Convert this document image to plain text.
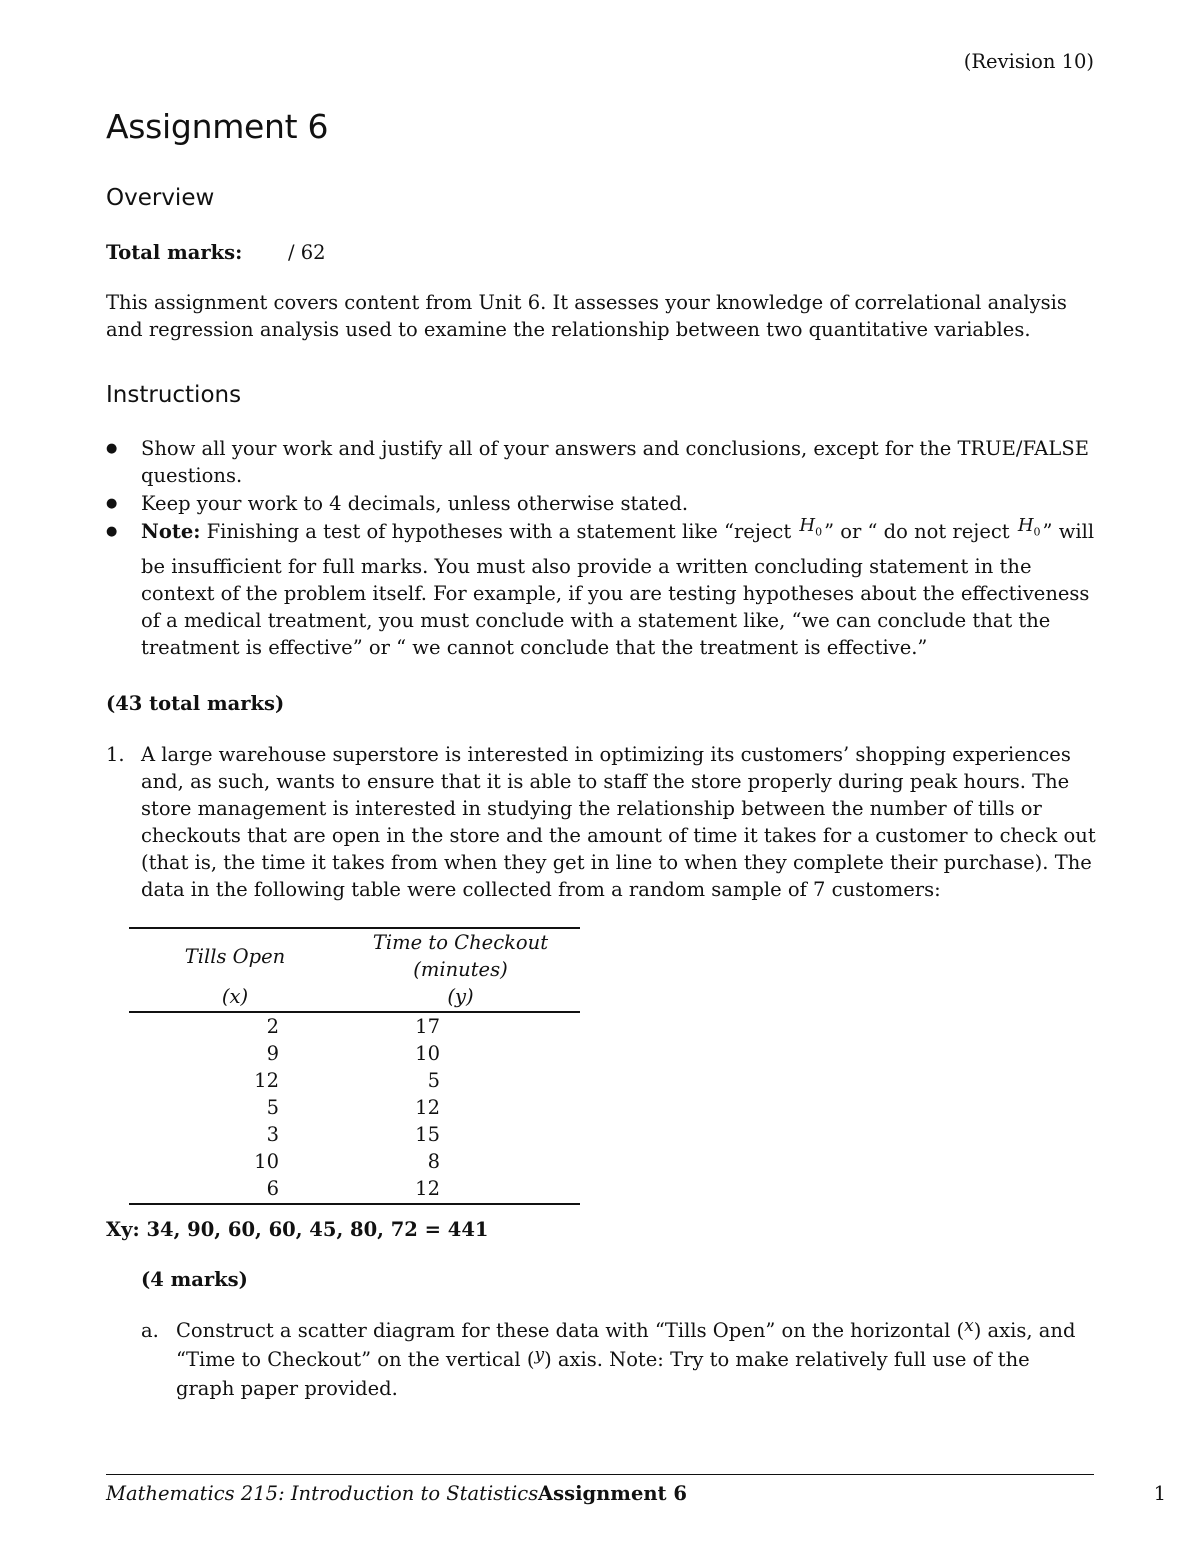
(Revision 10)
Assignment 6
Overview
Total marks: / 62

This assignment covers content from Unit 6. It assesses your knowledge of correlational analysis and regression analysis used to examine the relationship between two quantitative variables.

Instructions
● Show all your work and justify all of your answers and conclusions, except for the TRUE/FALSE questions.
● Keep your work to 4 decimals, unless otherwise stated.
● Note: Finishing a test of hypotheses with a statement like “reject $H_0$ ” or “ do not reject $H_0$ ” will be insufficient for full marks. You must also provide a written concluding statement in the context of the problem itself. For example, if you are testing hypotheses about the effectiveness of a medical treatment, you must conclude with a statement like, “we can conclude that the treatment is effective” or “ we cannot conclude that the treatment is effective.”
(43 total marks)
1. A large warehouse superstore is interested in optimizing its customers’ shopping experiences and, as such, wants to ensure that it is able to staff the store properly during peak hours. The store management is interested in studying the relationship between the number of tills or checkouts that are open in the store and the amount of time it takes for a customer to check out (that is, the time it takes from when they get in line to when they complete their purchase). The data in the following table were collected from a random sample of 7 customers:
Tills Open	Time to Checkout (minutes)
(x)	(y)
2	17
9	10
12	5
5	12
3	15
10	8
6	12
Xy: 34, 90, 60, 60, 45, 80, 72 = 441
(4 marks)
a. Construct a scatter diagram for these data with “Tills Open” on the horizontal (x) axis, and “Time to Checkout” on the vertical (y) axis. Note: Try to make relatively full use of the graph paper provided.
Mathematics 215: Introduction to Statistics Assignment 6	1
